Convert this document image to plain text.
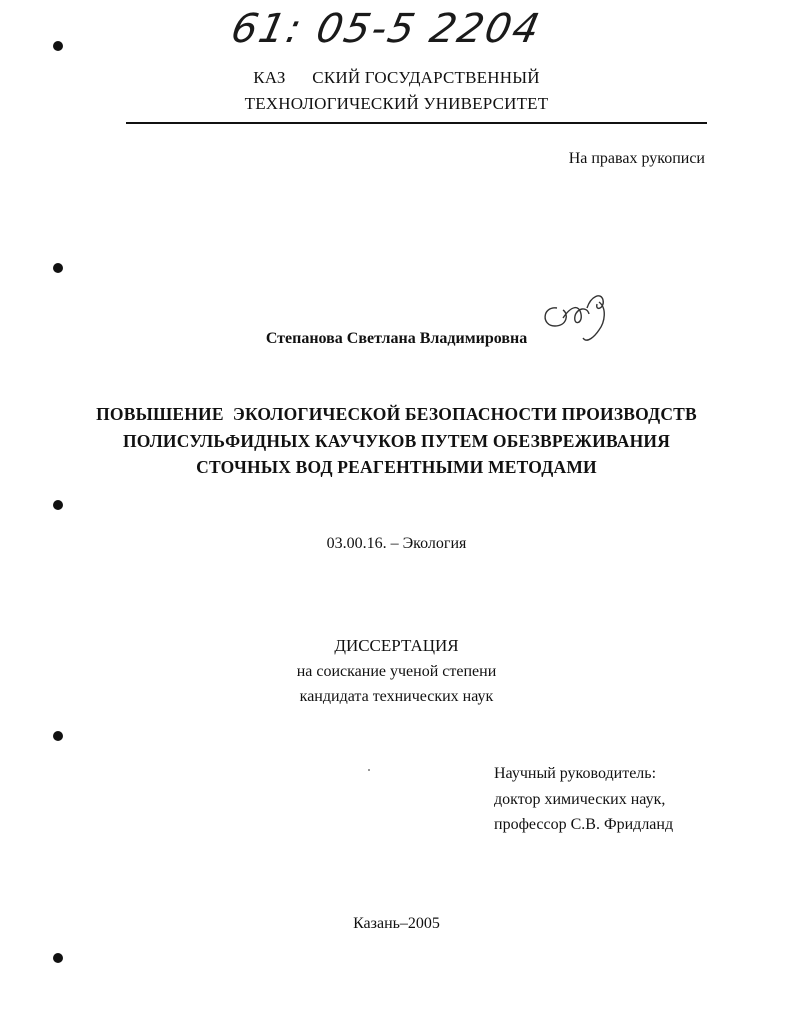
61: 05-5 2204
КАЗ      СКИЙ ГОСУДАРСТВЕННЫЙ
ТЕХНОЛОГИЧЕСКИЙ УНИВЕРСИТЕТ
На правах рукописи
Степанова Светлана Владимировна
ПОВЫШЕНИЕ  ЭКОЛОГИЧЕСКОЙ БЕЗОПАСНОСТИ ПРОИЗВОДСТВ
ПОЛИСУЛЬФИДНЫХ КАУЧУКОВ ПУТЕМ ОБЕЗВРЕЖИВАНИЯ
СТОЧНЫХ ВОД РЕАГЕНТНЫМИ МЕТОДАМИ
03.00.16. – Экология
ДИССЕРТАЦИЯ
на соискание ученой степени
кандидата технических наук
Научный руководитель:
доктор химических наук,
профессор С.В. Фридланд
Казань–2005
